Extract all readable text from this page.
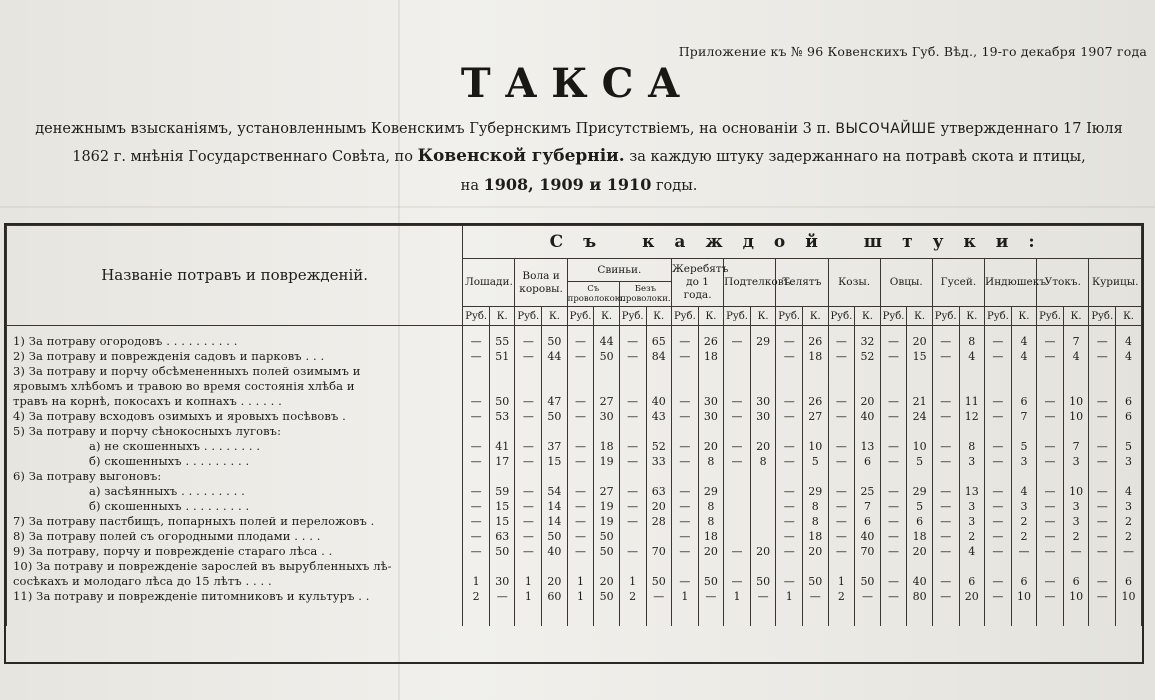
Приложение къ № 96 Ковенскихъ Губ. Вѣд., 19-го декабря 1907 года
ТАКСА
денежнымъ взысканіямъ, установленнымъ Ковенскимъ Губернскимъ Присутствіемъ, на основаніи 3 п. ВЫСОЧАЙШЕ утвержденнаго 17 Іюля
1862 г. мнѣнія Государственнаго Совѣта, по Ковенской губерніи. за каждую штуку задержаннаго на потравѣ скота и птицы,
на 1908, 1909 и 1910 годы.
Названіе потравъ и поврежденій.	Съ каждой штуки:																									
	Лошади.		Вола и коровы.		Свиньи.				Жеребятъ до 1 года.		Подтелковъ.		Телятъ		Козы.		Овцы.		Гусей.		Индюшекъ		Утокъ.		Курицы.	
					Съ проволокою.		Безъ проволоки.																			
	Руб.	К.	Руб.	К.	Руб.	К.	Руб.	К.	Руб.	К.	Руб.	К.	Руб.	К.	Руб.	К.	Руб.	К.	Руб.	К.	Руб.	К.	Руб.	К.	Руб.	К.
1) За потраву огородовъ . . . . . . . . . .	—	55	—	50	—	44	—	65	—	26	—	29	—	26	—	32	—	20	—	8	—	4	—	7	—	4
2) За потраву и поврежденія садовъ и парковъ . . .	—	51	—	44	—	50	—	84	—	18			—	18	—	52	—	15	—	4	—	4	—	4	—	4
3) За потраву и порчу обсѣмененныхъ полей озимымъ и																										
яровымъ хлѣбомъ и травою во время состоянія хлѣба и																										
травъ на корнѣ, покосахъ и копнахъ . . . . . .	—	50	—	47	—	27	—	40	—	30	—	30	—	26	—	20	—	21	—	11	—	6	—	10	—	6
4) За потраву всходовъ озимыхъ и яровыхъ посѣвовъ .	—	53	—	50	—	30	—	43	—	30	—	30	—	27	—	40	—	24	—	12	—	7	—	10	—	6
5) За потраву и порчу сѣнокосныхъ луговъ:																										
а) не скошенныхъ . . . . . . . .	—	41	—	37	—	18	—	52	—	20	—	20	—	10	—	13	—	10	—	8	—	5	—	7	—	5
б) скошенныхъ . . . . . . . . .	—	17	—	15	—	19	—	33	—	8	—	8	—	5	—	6	—	5	—	3	—	3	—	3	—	3
6) За потраву выгоновъ:																										
а) засѣянныхъ . . . . . . . . .	—	59	—	54	—	27	—	63	—	29			—	29	—	25	—	29	—	13	—	4	—	10	—	4
б) скошенныхъ . . . . . . . . .	—	15	—	14	—	19	—	20	—	8			—	8	—	7	—	5	—	3	—	3	—	3	—	3
7) За потраву пастбищъ, попарныхъ полей и переложовъ .	—	15	—	14	—	19	—	28	—	8			—	8	—	6	—	6	—	3	—	2	—	3	—	2
8) За потраву полей съ огородными плодами . . . .	—	63	—	50	—	50			—	18			—	18	—	40	—	18	—	2	—	2	—	2	—	2
9) За потраву, порчу и поврежденіе стараго лѣса . .	—	50	—	40	—	50	—	70	—	20	—	20	—	20	—	70	—	20	—	4	—	—	—	—	—	—
10) За потраву и поврежденіе зарослей въ вырубленныхъ лѣ-																										
сосѣкахъ и молодаго лѣса до 15 лѣтъ . . . .	1	30	1	20	1	20	1	50	—	50	—	50	—	50	1	50	—	40	—	6	—	6	—	6	—	6
11) За потраву и поврежденіе питомниковъ и культуръ . .	2	—	1	60	1	50	2	—	1	—	1	—	1	—	2	—	—	80	—	20	—	10	—	10	—	10
